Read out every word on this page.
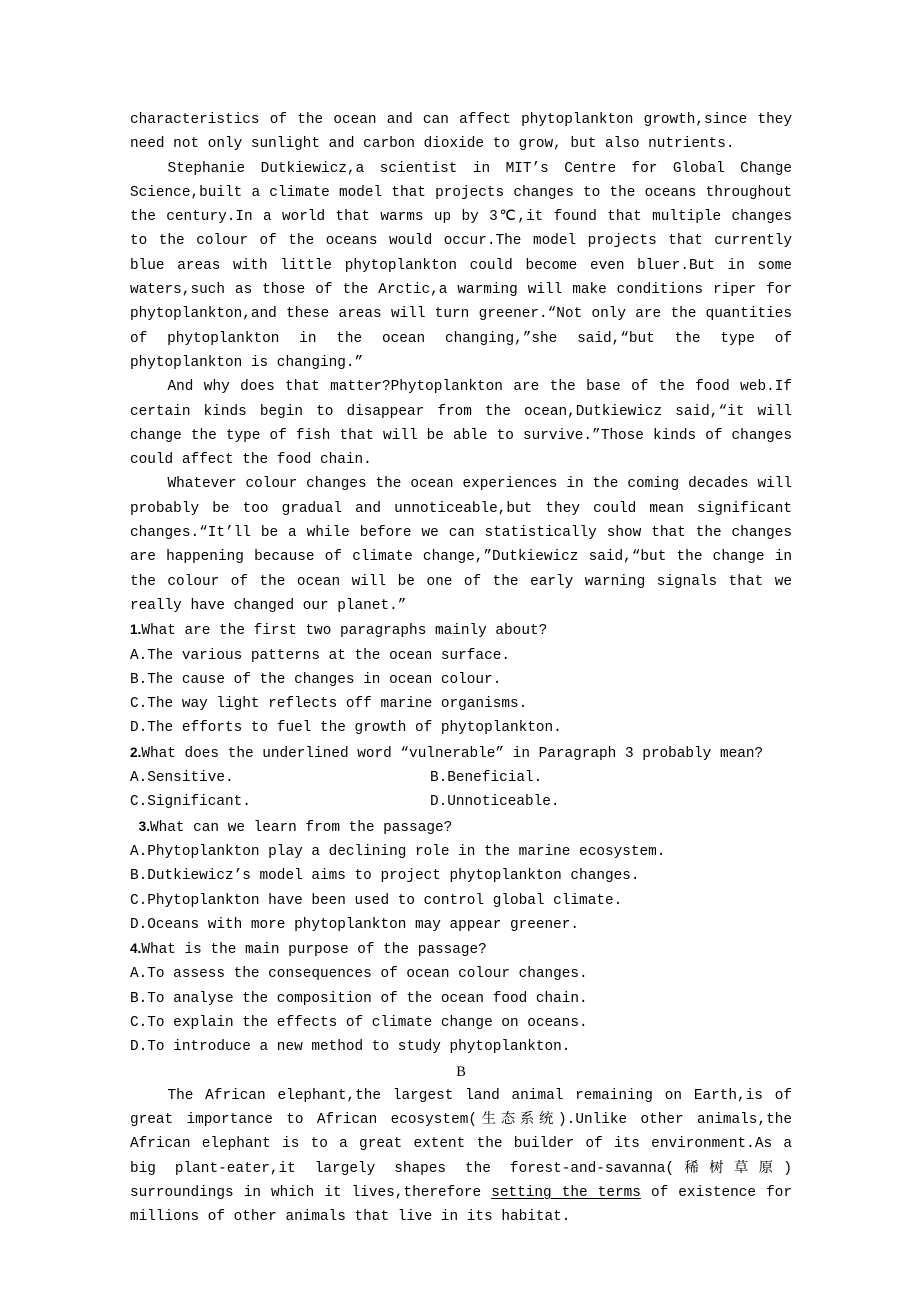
characteristics of the ocean and can affect phytoplankton growth,since they need not only sunlight and carbon dioxide to grow, but also nutrients.

Stephanie Dutkiewicz,a scientist in MIT’s Centre for Global Change Science,built a climate model that projects changes to the oceans throughout the century.In a world that warms up by 3℃,it found that multiple changes to the colour of the oceans would occur.The model projects that currently blue areas with little phytoplankton could become even bluer.But in some waters,such as those of the Arctic,a warming will make conditions riper for phytoplankton,and these areas will turn greener.“Not only are the quantities of phytoplankton in the ocean changing,”she said,“but the type of phytoplankton is changing.”

And why does that matter?Phytoplankton are the base of the food web.If certain kinds begin to disappear from the ocean,Dutkiewicz said,“it will change the type of fish that will be able to survive.”Those kinds of changes could affect the food chain.

Whatever colour changes the ocean experiences in the coming decades will probably be too gradual and unnoticeable,but they could mean significant changes.“It’ll be a while before we can statistically show that the changes are happening because of climate change,”Dutkiewicz said,“but the change in the colour of the ocean will be one of the early warning signals that we really have changed our planet.”

1.What are the first two paragraphs mainly about?

A.The various patterns at the ocean surface.

B.The cause of the changes in ocean colour.

C.The way light reflects off marine organisms.

D.The efforts to fuel the growth of phytoplankton.

2.What does the underlined word “vulnerable” in Paragraph 3 probably mean?

A.Sensitive.	B.Beneficial.
C.Significant.	D.Unnoticeable.

3.What can we learn from the passage?

A.Phytoplankton play a declining role in the marine ecosystem.

B.Dutkiewicz’s model aims to project phytoplankton changes.

C.Phytoplankton have been used to control global climate.

D.Oceans with more phytoplankton may appear greener.

4.What is the main purpose of the passage?

A.To assess the consequences of ocean colour changes.

B.To analyse the composition of the ocean food chain.

C.To explain the effects of climate change on oceans.

D.To introduce a new method to study phytoplankton.

B

The African elephant,the largest land animal remaining on Earth,is of great importance to African ecosystem(生态系统).Unlike other animals,the African elephant is to a great extent the builder of its environment.As a big plant-eater,it largely shapes the forest-and-savanna(稀树草原) surroundings in which it lives,therefore setting the terms of existence for millions of other animals that live in its habitat.
